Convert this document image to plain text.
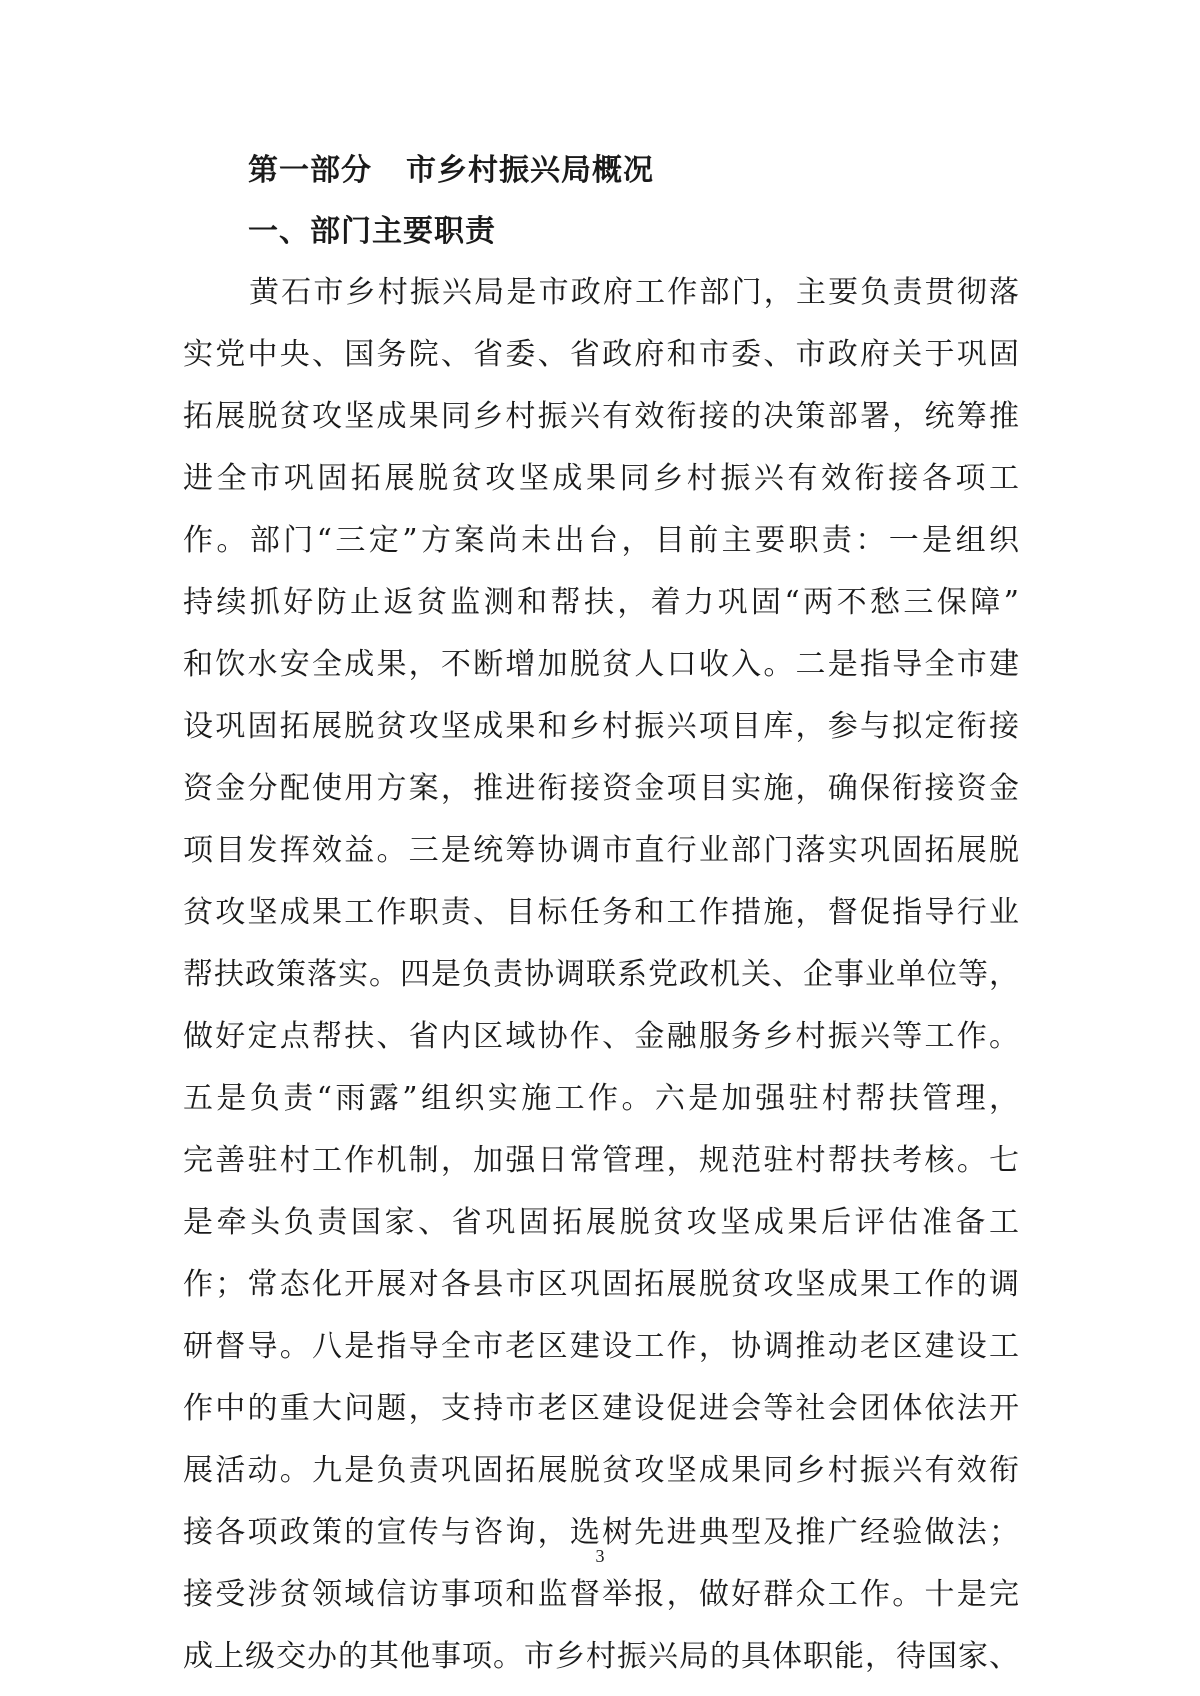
第一部分 市乡村振兴局概况
一、部门主要职责

黄石市乡村振兴局是市政府工作部门，主要负责贯彻落
实党中央、国务院、省委、省政府和市委、市政府关于巩固
拓展脱贫攻坚成果同乡村振兴有效衔接的决策部署，统筹推
进全市巩固拓展脱贫攻坚成果同乡村振兴有效衔接各项工
作。部门“三定”方案尚未出台，目前主要职责：一是组织
持续抓好防止返贫监测和帮扶，着力巩固“两不愁三保障”
和饮水安全成果，不断增加脱贫人口收入。二是指导全市建
设巩固拓展脱贫攻坚成果和乡村振兴项目库，参与拟定衔接
资金分配使用方案，推进衔接资金项目实施，确保衔接资金
项目发挥效益。三是统筹协调市直行业部门落实巩固拓展脱
贫攻坚成果工作职责、目标任务和工作措施，督促指导行业
帮扶政策落实。四是负责协调联系党政机关、企事业单位等，
做好定点帮扶、省内区域协作、金融服务乡村振兴等工作。
五是负责“雨露”组织实施工作。六是加强驻村帮扶管理，
完善驻村工作机制，加强日常管理，规范驻村帮扶考核。七
是牵头负责国家、省巩固拓展脱贫攻坚成果后评估准备工
作；常态化开展对各县市区巩固拓展脱贫攻坚成果工作的调
研督导。八是指导全市老区建设工作，协调推动老区建设工
作中的重大问题，支持市老区建设促进会等社会团体依法开
展活动。九是负责巩固拓展脱贫攻坚成果同乡村振兴有效衔
接各项政策的宣传与咨询，选树先进典型及推广经验做法；
接受涉贫领域信访事项和监督举报，做好群众工作。十是完
成上级交办的其他事项。市乡村振兴局的具体职能，待国家、

3
